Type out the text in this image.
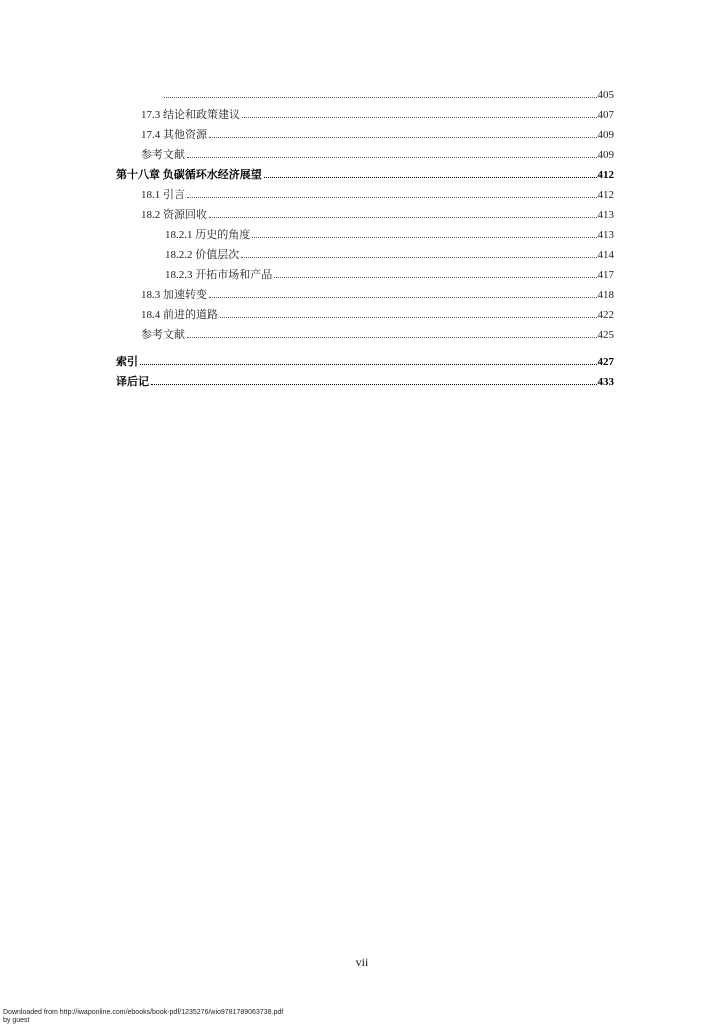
405
17.3 结论和政策建议	407
17.4 其他资源	409
参考文献	409
第十八章 负碳循环水经济展望	412
18.1 引言	412
18.2 资源回收	413
18.2.1 历史的角度	413
18.2.2 价值层次	414
18.2.3 开拓市场和产品	417
18.3 加速转变	418
18.4 前进的道路	422
参考文献	425
索引	427
译后记	433
vii
Downloaded from http://iwaponline.com/ebooks/book-pdf/1235276/wio9781789063738.pdf
by guest
